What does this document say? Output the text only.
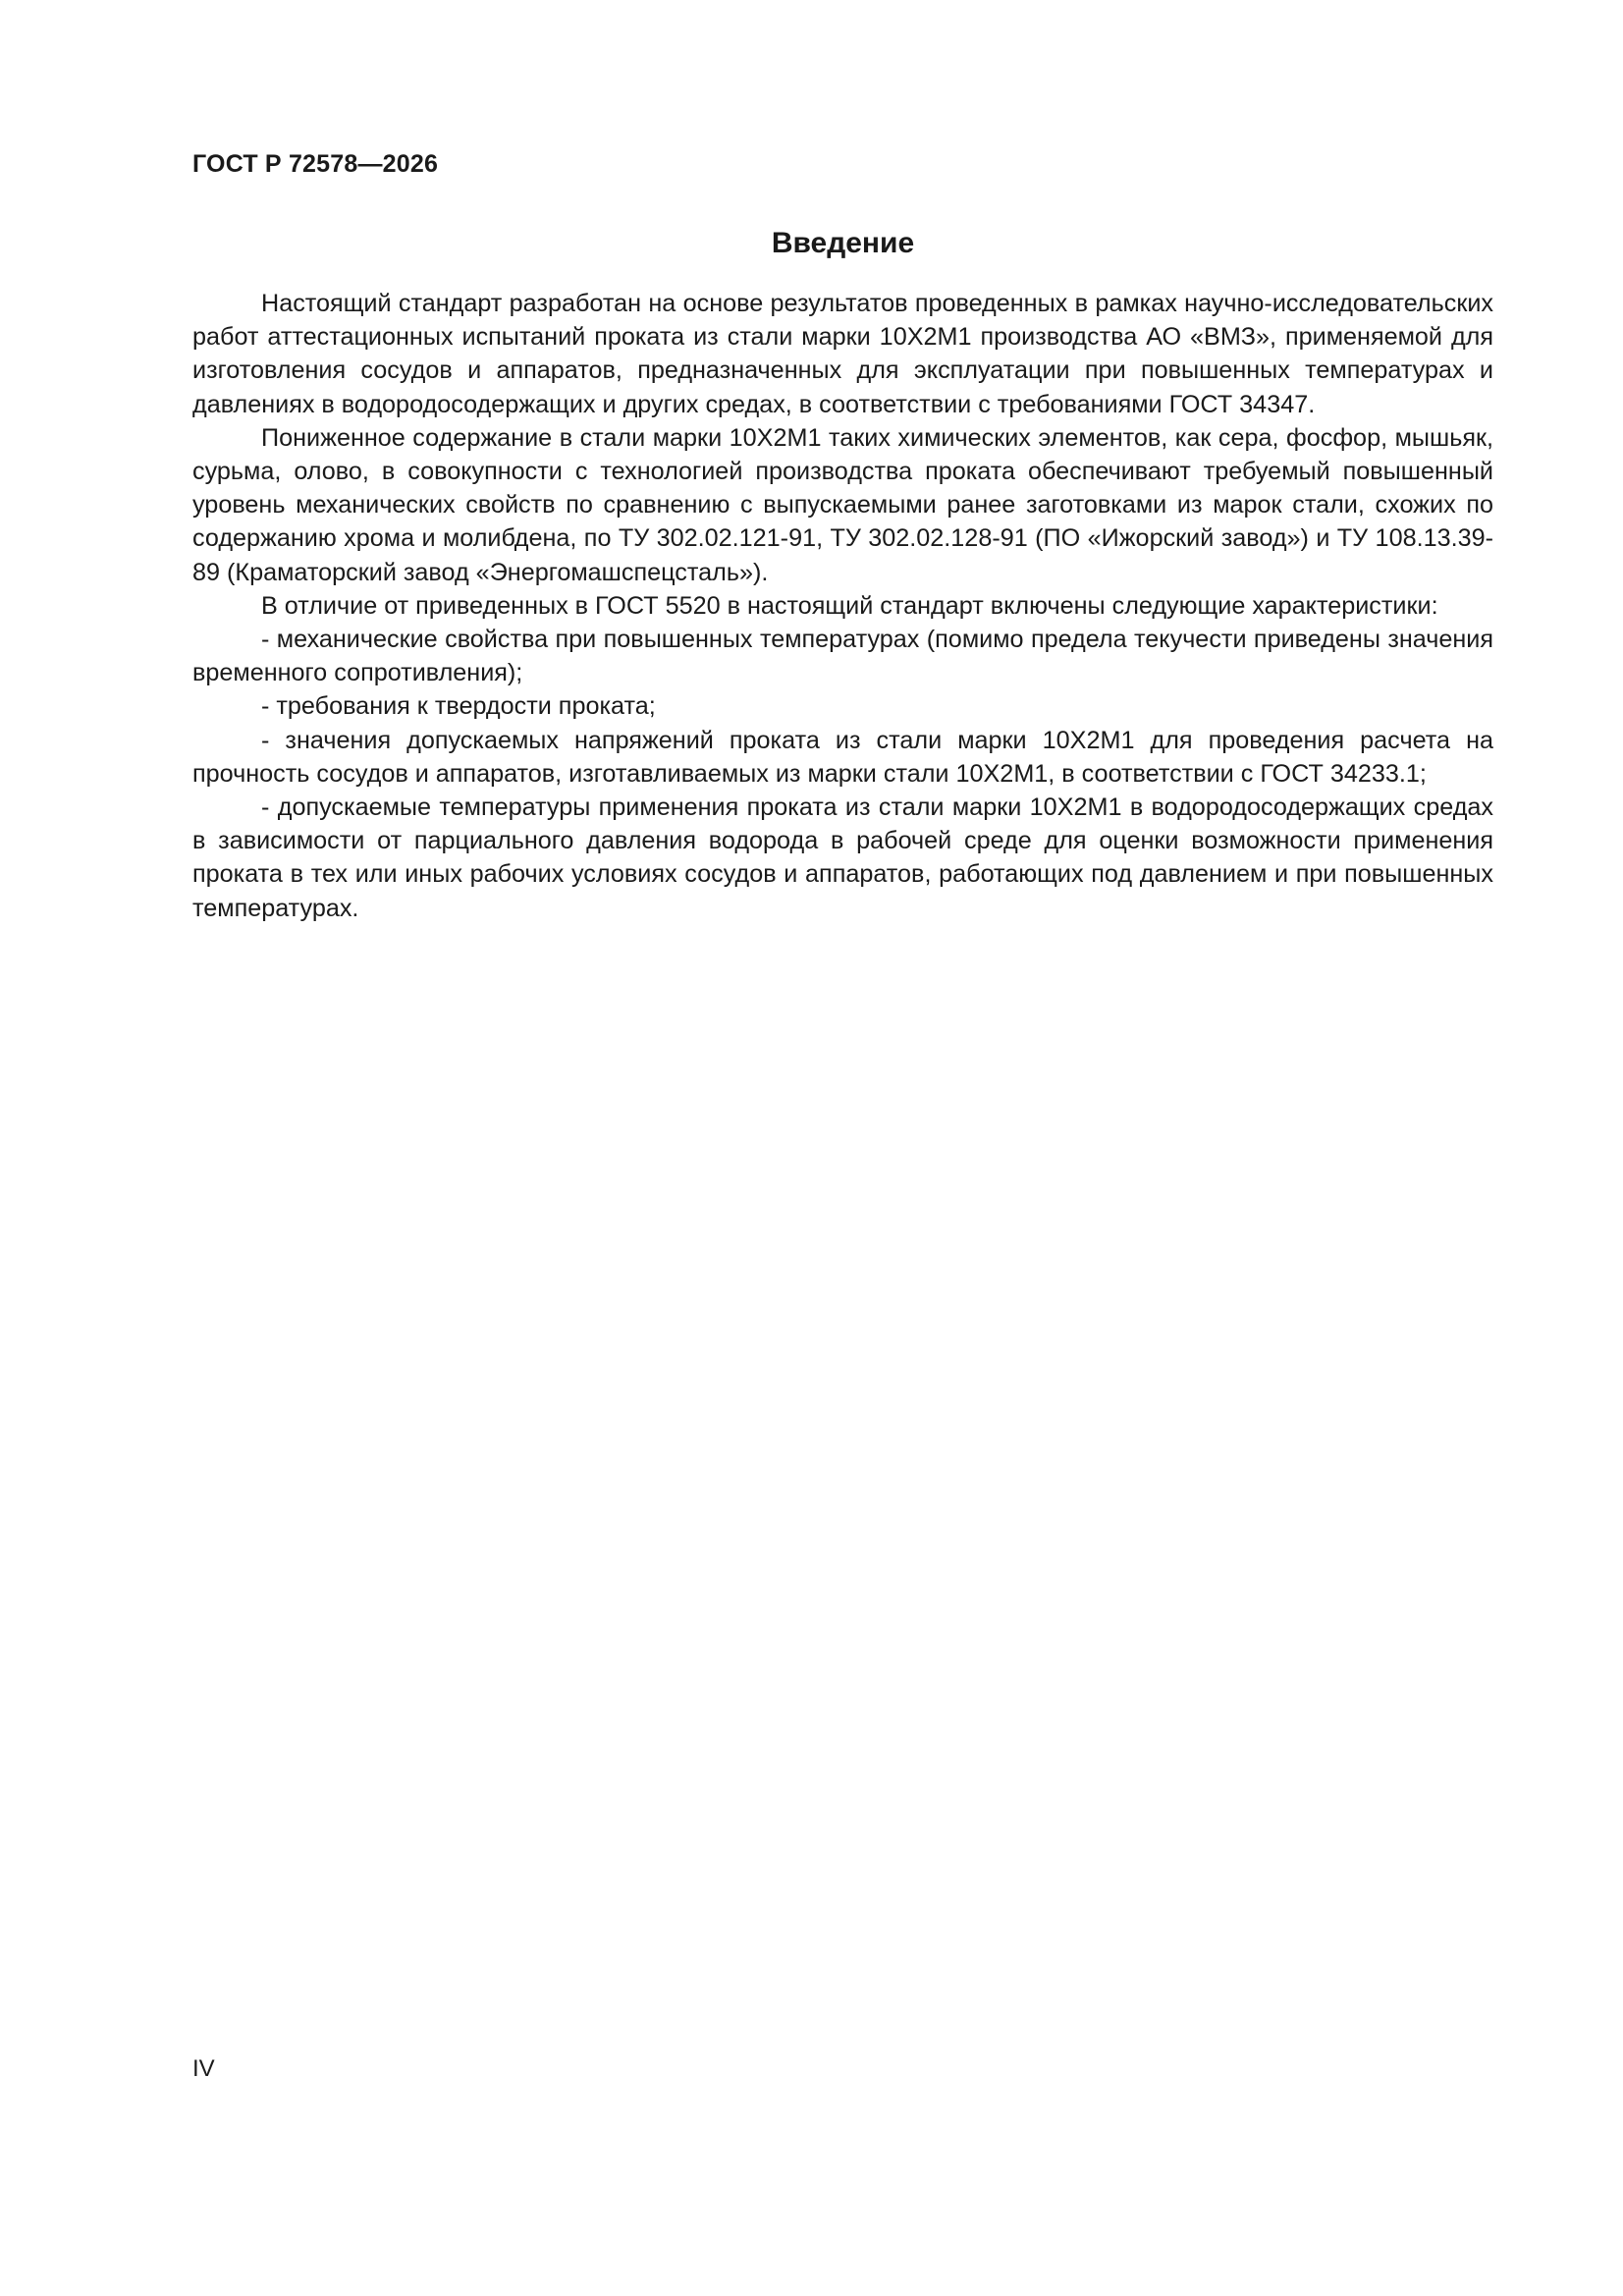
ГОСТ Р 72578—2026
Введение

Настоящий стандарт разработан на основе результатов проведенных в рамках научно-исследовательских работ аттестационных испытаний проката из стали марки 10Х2М1 производства АО «ВМЗ», применяемой для изготовления сосудов и аппаратов, предназначенных для эксплуатации при повышенных температурах и давлениях в водородосодержащих и других средах, в соответствии с требованиями ГОСТ 34347.

Пониженное содержание в стали марки 10Х2М1 таких химических элементов, как сера, фосфор, мышьяк, сурьма, олово, в совокупности с технологией производства проката обеспечивают требуемый повышенный уровень механических свойств по сравнению с выпускаемыми ранее заготовками из марок стали, схожих по содержанию хрома и молибдена, по ТУ 302.02.121-91, ТУ 302.02.128-91 (ПО «Ижорский завод») и ТУ 108.13.39-89 (Краматорский завод «Энергомашспецсталь»).

В отличие от приведенных в ГОСТ 5520 в настоящий стандарт включены следующие характеристики:

- механические свойства при повышенных температурах (помимо предела текучести приведены значения временного сопротивления);

- требования к твердости проката;

- значения допускаемых напряжений проката из стали марки 10Х2М1 для проведения расчета на прочность сосудов и аппаратов, изготавливаемых из марки стали 10Х2М1, в соответствии с ГОСТ 34233.1;

- допускаемые температуры применения проката из стали марки 10Х2М1 в водородосодержащих средах в зависимости от парциального давления водорода в рабочей среде для оценки возможности применения проката в тех или иных рабочих условиях сосудов и аппаратов, работающих под давлением и при повышенных температурах.

IV
